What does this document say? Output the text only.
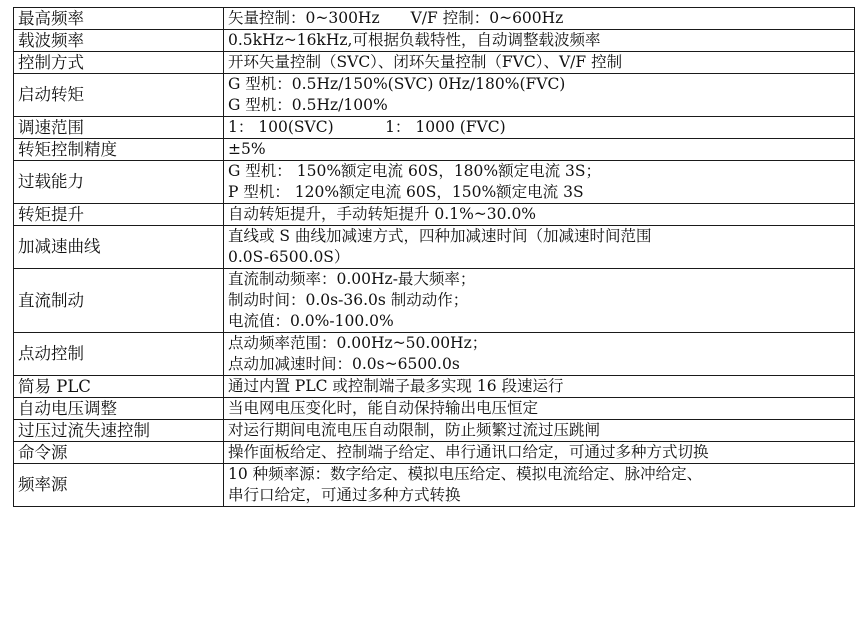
最高频率	矢量控制：0~300Hz　　V/F 控制：0~600Hz

载波频率	0.5kHz~16kHz,可根据负载特性，自动调整载波频率

控制方式	开环矢量控制（SVC）、闭环矢量控制（FVC）、V/F 控制

启动转矩	G 型机：0.5Hz/150%(SVC) 0Hz/180%(FVC)
G 型机：0.5Hz/100%

调速范围	1： 100(SVC)　　　 1： 1000 (FVC)

转矩控制精度	±5%

过载能力	G 型机： 150%额定电流 60S，180%额定电流 3S；
P 型机： 120%额定电流 60S，150%额定电流 3S

转矩提升	自动转矩提升，手动转矩提升 0.1%~30.0%

加减速曲线	直线或 S 曲线加减速方式，四种加减速时间（加减速时间范围
0.0S-6500.0S）

直流制动	直流制动频率：0.00Hz-最大频率；
制动时间：0.0s-36.0s 制动动作；
电流值：0.0%-100.0%

点动控制	点动频率范围：0.00Hz~50.00Hz；
点动加减速时间：0.0s~6500.0s

简易 PLC	通过内置 PLC 或控制端子最多实现 16 段速运行

自动电压调整	当电网电压变化时，能自动保持输出电压恒定

过压过流失速控制	对运行期间电流电压自动限制，防止频繁过流过压跳闸

命令源	操作面板给定、控制端子给定、串行通讯口给定，可通过多种方式切换

频率源	10 种频率源：数字给定、模拟电压给定、模拟电流给定、脉冲给定、
串行口给定，可通过多种方式转换
